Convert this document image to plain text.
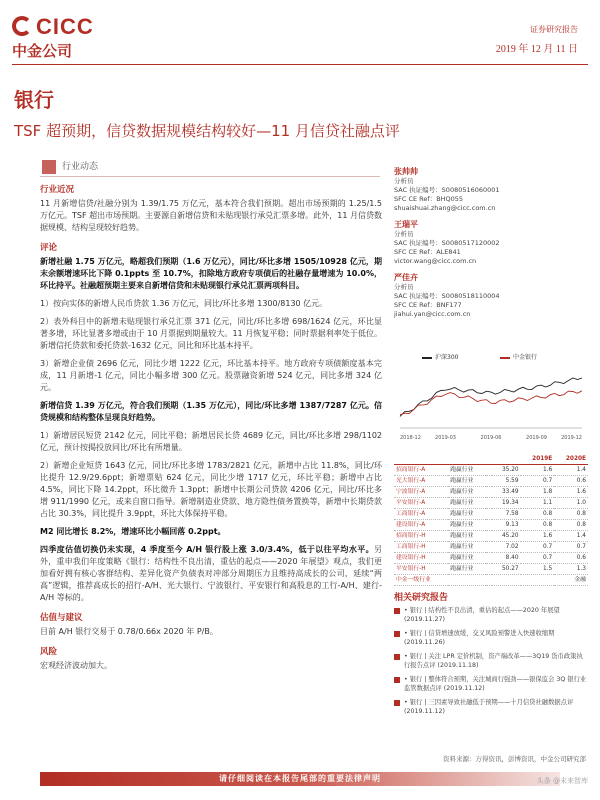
CICC
中金公司
证券研究报告
2019 年 12 月 11 日
银行
TSF 超预期，信贷数据规模结构较好—11 月信贷社融点评
行业动态
行业近况
11 月新增信贷/社融分别为 1.39/1.75 万亿元，基本符合我们预期。超出市场预期的 1.25/1.5 万亿元。TSF 超出市场预期。主要源自新增信贷和未贴现银行承兑汇票多增。此外，11 月信贷数据规模、结构呈现较好趋势。
评论
新增社融 1.75 万亿元，略超我们预期（1.6 万亿元），同比/环比多增 1505/10928 亿元，期末余额增速环比下降 0.1ppts 至 10.7%，扣除地方政府专项债后的社融存量增速为 10.0%，环比持平。社融超预期主要来自新增信贷和未贴现银行承兑汇票两项科目。
1）按向实体的新增人民币贷款 1.36 万亿元，同比/环比多增 1300/8130 亿元。
2）表外科目中的新增未贴现银行承兑汇票 371 亿元，同比/环比多增 698/1624 亿元，环比显著多增，环比显著多增或由于 10 月票据到期量较大。11 月恢复平稳；同时票据利率处于低位。新增信托贷款和委托贷款-1632 亿元，同比和环比基本持平。
3）新增企业债 2696 亿元，同比少增 1222 亿元，环比基本持平。地方政府专项债额度基本完成，11 月新增-1 亿元，同比小幅多增 300 亿元。股票融资新增 524 亿元，同比多增 324 亿元。
新增信贷 1.39 万亿元，符合我们预期（1.35 万亿元），同比/环比多增 1387/7287 亿元。信贷规模和结构整体呈现良好趋势。
1）新增居民短贷 2142 亿元，同比平稳；新增居民长贷 4689 亿元，同比/环比多增 298/1102 亿元，预计按揭投放同比/环比有所增量。
2）新增企业短贷 1643 亿元，同比/环比多增 1783/2821 亿元，新增中占比 11.8%，同比/环比提升 12.9/29.6ppt；新增票贴 624 亿元，同比少增 1717 亿元，环比平稳；新增中占比 4.5%，同比下降 14.2ppt，环比微升 1.3ppt；新增中长期公司贷款 4206 亿元，同比/环比多增 911/1990 亿元，或来自窗口指导。新增制造业贷款、地方隐性债务置换等，新增中长期贷款占比 30.3%，同比提升 3.9ppt，环比大体保持平稳。
M2 同比增长 8.2%，增速环比小幅回落 0.2ppt。
四季度估值切换仍未实现，4 季度至今 A/H 银行股上涨 3.0/3.4%，低于以往平均水平。另外，重申我们年度策略《银行：结构性不良出清，重估的起点——2020 年展望》观点，我们更加看好拥有核心客群结构、差异化资产负债表对冲部分周期压力且维持高成长的公司，延续“两高”逻辑，推荐高成长的招行-A/H、光大银行、宁波银行、平安银行和高股息的工行-A/H、建行-A/H 等标的。
估值与建议
目前 A/H 银行交易于 0.78/0.66x 2020 年 P/B。
风险
宏观经济波动加大。
张帅帅
分析员
SAC 执证编号：S0080516060001
SFC CE Ref：BHQ055
shuaishuai.zhang@cicc.com.cn
王瑞平
分析员
SAC 执证编号：S0080517120002
SFC CE Ref：ALE841
victor.wang@cicc.com.cn
严佳卉
分析员
SAC 执证编号：S0080518110004
SFC CE Ref：BNF177
jiahui.yan@cicc.com.cn
2018-12	2019-03	2019-06	2019-09	2019-12
沪深300	中金银行
				2019E	2020E
招商银行-A	跑赢行业		35.20	1.6	1.4
光大银行-A	跑赢行业		5.59	0.7	0.6
宁波银行-A	跑赢行业		33.49	1.8	1.6
平安银行-A	跑赢行业		19.34	1.1	1.0
工商银行-A	跑赢行业		7.58	0.8	0.8
建设银行-A	跑赢行业		9.13	0.8	0.8
招商银行-H	跑赢行业		45.20	1.6	1.4
工商银行-H	跑赢行业		7.02	0.7	0.7
建设银行-H	跑赢行业		8.40	0.7	0.6
平安银行-H	跑赢行业		50.27	1.5	1.3
中金一级行业					金融
相关研究报告
• 银行 | 结构性不良出清，重估的起点——2020 年展望 (2019.11.27)
• 银行 | 信贷增速放缓，交叉风险预警进入快速收缩期 (2019.11.26)
• 银行 | 关注 LPR 定价机制，资产端改革——3Q19 货币政策执行报告点评 (2019.11.18)
• 银行 | 整体符合预期，关注城商行强劲——银保监会 3Q 银行业监管数据点评 (2019.11.12)
• 银行 | 三因素导致社融低于预期——十月信贷社融数据点评 (2019.11.12)
资料来源：万得资讯，彭博资讯，中金公司研究部
请仔细阅读在本报告尾部的重要法律声明	头条 @未来智库
